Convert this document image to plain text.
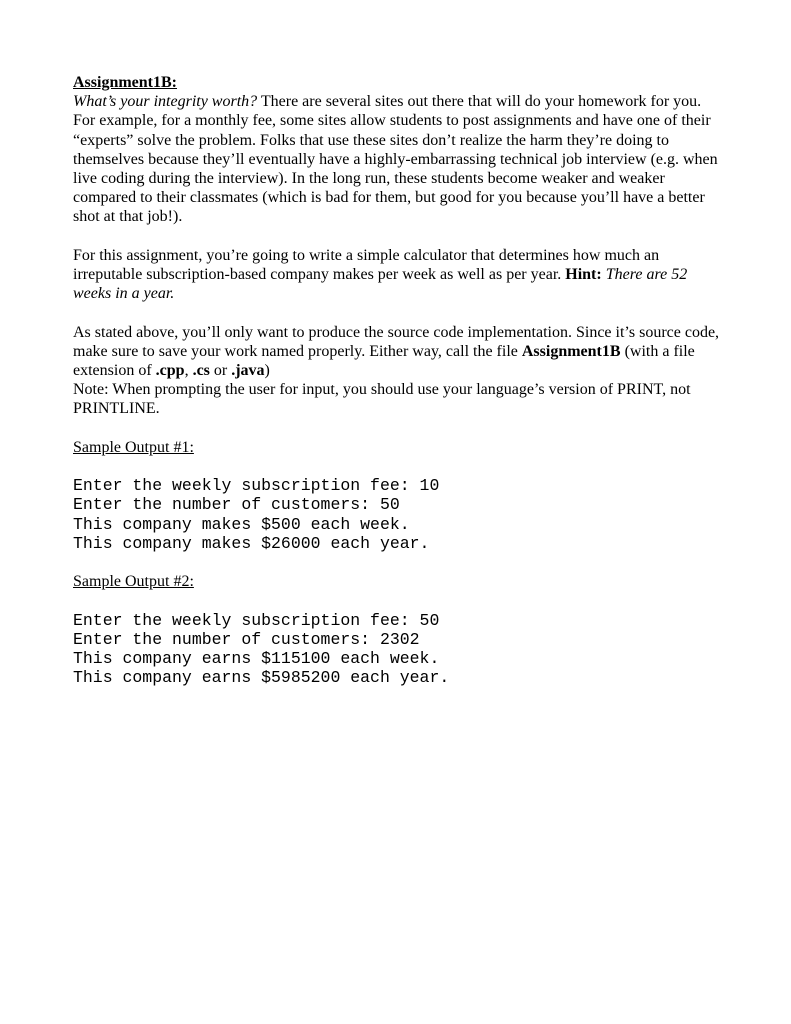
Assignment1B:

What’s your integrity worth? There are several sites out there that will do your homework for you. For example, for a monthly fee, some sites allow students to post assignments and have one of their “experts” solve the problem. Folks that use these sites don’t realize the harm they’re doing to themselves because they’ll eventually have a highly-embarrassing technical job interview (e.g. when live coding during the interview). In the long run, these students become weaker and weaker compared to their classmates (which is bad for them, but good for you because you’ll have a better shot at that job!).

For this assignment, you’re going to write a simple calculator that determines how much an irreputable subscription-based company makes per week as well as per year. Hint: There are 52 weeks in a year.

As stated above, you’ll only want to produce the source code implementation. Since it’s source code, make sure to save your work named properly. Either way, call the file Assignment1B (with a file extension of .cpp, .cs or .java)

Note: When prompting the user for input, you should use your language’s version of PRINT, not PRINTLINE.

Sample Output #1:

Enter the weekly subscription fee: 10
Enter the number of customers: 50
This company makes $500 each week.
This company makes $26000 each year.

Sample Output #2:

Enter the weekly subscription fee: 50
Enter the number of customers: 2302
This company earns $115100 each week.
This company earns $5985200 each year.
